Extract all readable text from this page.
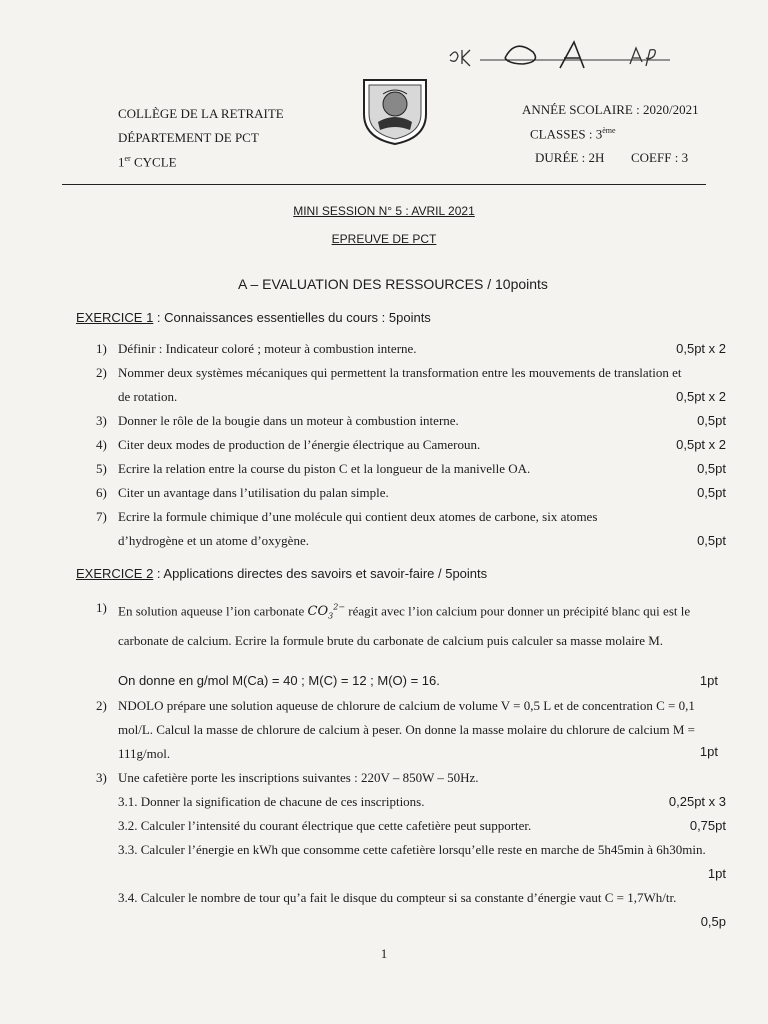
COLLÈGE DE LA RETRAITE
DÉPARTEMENT DE PCT
1er CYCLE
ANNÉE SCOLAIRE : 2020/2021
CLASSES : 3ème
DURÉE : 2H COEFF : 3
MINI SESSION N° 5 : AVRIL 2021
EPREUVE DE PCT
A – EVALUATION DES RESSOURCES / 10points
EXERCICE 1 : Connaissances essentielles du cours : 5points
1) Définir : Indicateur coloré ; moteur à combustion interne.	0,5pt x 2
2) Nommer deux systèmes mécaniques qui permettent la transformation entre les mouvements de translation et de rotation.	0,5pt x 2
3) Donner le rôle de la bougie dans un moteur à combustion interne.	0,5pt
4) Citer deux modes de production de l’énergie électrique au Cameroun.	0,5pt x 2
5) Ecrire la relation entre la course du piston C et la longueur de la manivelle OA.	0,5pt
6) Citer un avantage dans l’utilisation du palan simple.	0,5pt
7) Ecrire la formule chimique d’une molécule qui contient deux atomes de carbone, six atomes d’hydrogène et un atome d’oxygène.	0,5pt
EXERCICE 2 : Applications directes des savoirs et savoir-faire / 5points
1) En solution aqueuse l’ion carbonate $CO_3^{2-}$ réagit avec l’ion calcium pour donner un précipité blanc qui est le carbonate de calcium. Ecrire la formule brute du carbonate de calcium puis calculer sa masse molaire M.
On donne en g/mol M(Ca) = 40 ; M(C) = 12 ; M(O) = 16.	1pt
2) NDOLO prépare une solution aqueuse de chlorure de calcium de volume V = 0,5 L et de concentration C = 0,1 mol/L. Calcul la masse de chlorure de calcium à peser. On donne la masse molaire du chlorure de calcium M = 111g/mol.	1pt
3) Une cafetière porte les inscriptions suivantes : 220V – 850W – 50Hz.
3.1. Donner la signification de chacune de ces inscriptions.	0,25pt x 3
3.2. Calculer l’intensité du courant électrique que cette cafetière peut supporter.	0,75pt
3.3. Calculer l’énergie en kWh que consomme cette cafetière lorsqu’elle reste en marche de 5h45min à 6h30min.
1pt
3.4. Calculer le nombre de tour qu’a fait le disque du compteur si sa constante d’énergie vaut C = 1,7Wh/tr.
0,5p
1
